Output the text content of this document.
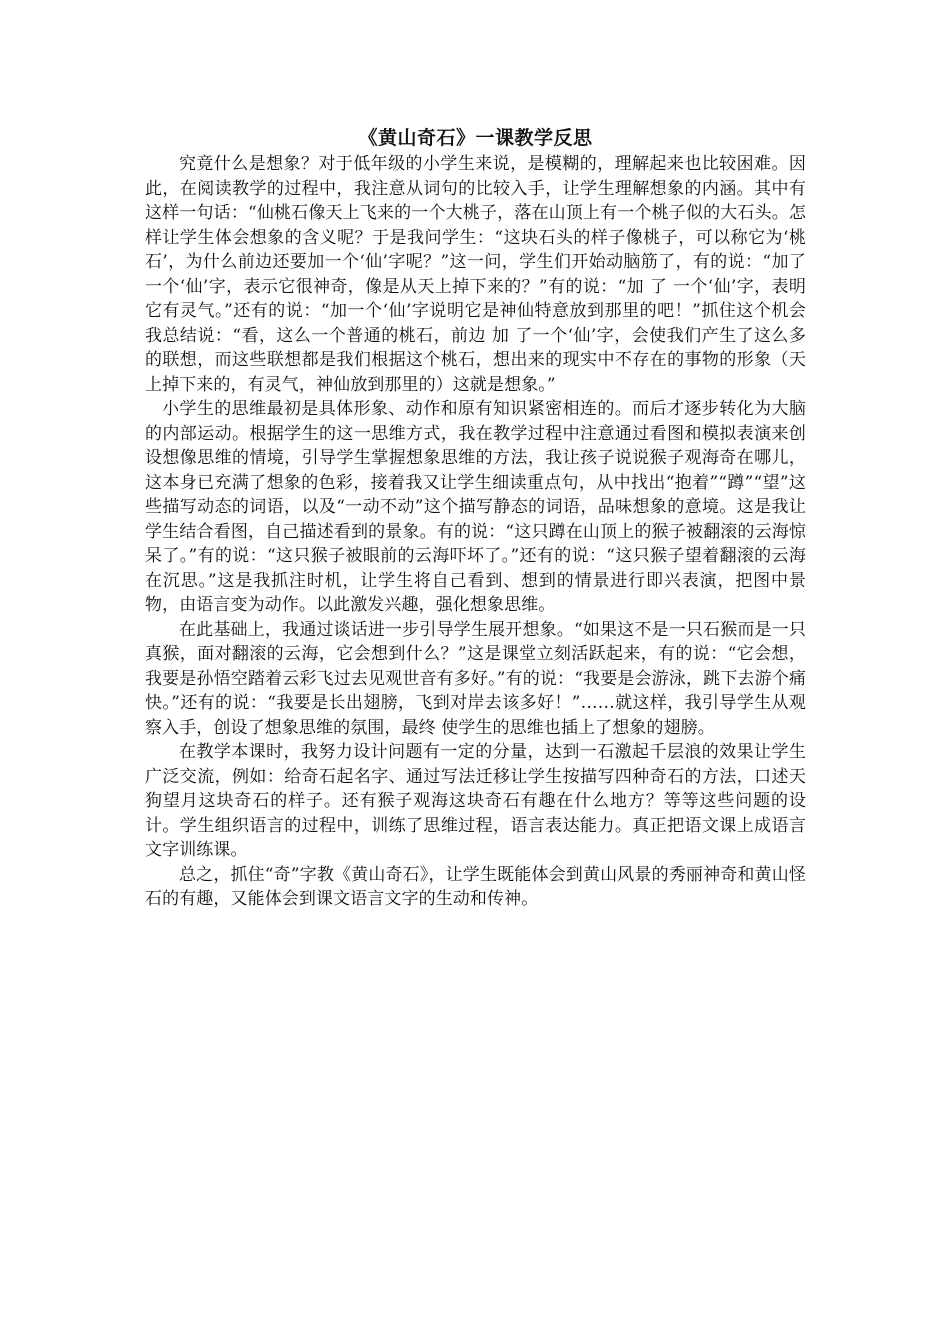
《黄山奇石》一课教学反思

究竟什么是想象？对于低年级的小学生来说，是模糊的，理解起来也比较困难。因此，在阅读教学的过程中，我注意从词句的比较入手，让学生理解想象的内涵。其中有这样一句话：“仙桃石像天上飞来的一个大桃子，落在山顶上有一个桃子似的大石头。怎样让学生体会想象的含义呢？于是我问学生：“这块石头的样子像桃子，可以称它为‘桃石’，为什么前边还要加一个‘仙’字呢？”这一问，学生们开始动脑筋了，有的说：“加了一个‘仙’字，表示它很神奇，像是从天上掉下来的？”有的说：“加 了 一个‘仙’字，表明它有灵气。”还有的说：“加一个‘仙’字说明它是神仙特意放到那里的吧！”抓住这个机会我总结说：“看，这么一个普通的桃石，前边 加 了一个‘仙’字，会使我们产生了这么多的联想，而这些联想都是我们根据这个桃石，想出来的现实中不存在的事物的形象（天上掉下来的，有灵气，神仙放到那里的）这就是想象。”

小学生的思维最初是具体形象、动作和原有知识紧密相连的。而后才逐步转化为大脑的内部运动。根据学生的这一思维方式，我在教学过程中注意通过看图和模拟表演来创设想像思维的情境，引导学生掌握想象思维的方法，我让孩子说说猴子观海奇在哪儿，这本身已充满了想象的色彩，接着我又让学生细读重点句，从中找出“抱着”“蹲”“望”这些描写动态的词语，以及“一动不动”这个描写静态的词语，品味想象的意境。这是我让学生结合看图，自己描述看到的景象。有的说：“这只蹲在山顶上的猴子被翻滚的云海惊呆了。”有的说：“这只猴子被眼前的云海吓坏了。”还有的说：“这只猴子望着翻滚的云海在沉思。”这是我抓注时机，让学生将自己看到、想到的情景进行即兴表演，把图中景物，由语言变为动作。以此激发兴趣，强化想象思维。

在此基础上，我通过谈话进一步引导学生展开想象。“如果这不是一只石猴而是一只真猴，面对翻滚的云海，它会想到什么？”这是课堂立刻活跃起来，有的说：“它会想，我要是孙悟空踏着云彩飞过去见观世音有多好。”有的说：“我要是会游泳，跳下去游个痛快。”还有的说：“我要是长出翅膀，飞到对岸去该多好！”……就这样，我引导学生从观察入手，创设了想象思维的氛围，最终 使学生的思维也插上了想象的翅膀。

在教学本课时，我努力设计问题有一定的分量，达到一石激起千层浪的效果让学生广泛交流，例如：给奇石起名字、通过写法迁移让学生按描写四种奇石的方法，口述天狗望月这块奇石的样子。还有猴子观海这块奇石有趣在什么地方？等等这些问题的设计。学生组织语言的过程中，训练了思维过程，语言表达能力。真正把语文课上成语言文字训练课。

总之，抓住“奇”字教《黄山奇石》，让学生既能体会到黄山风景的秀丽神奇和黄山怪石的有趣，又能体会到课文语言文字的生动和传神。
